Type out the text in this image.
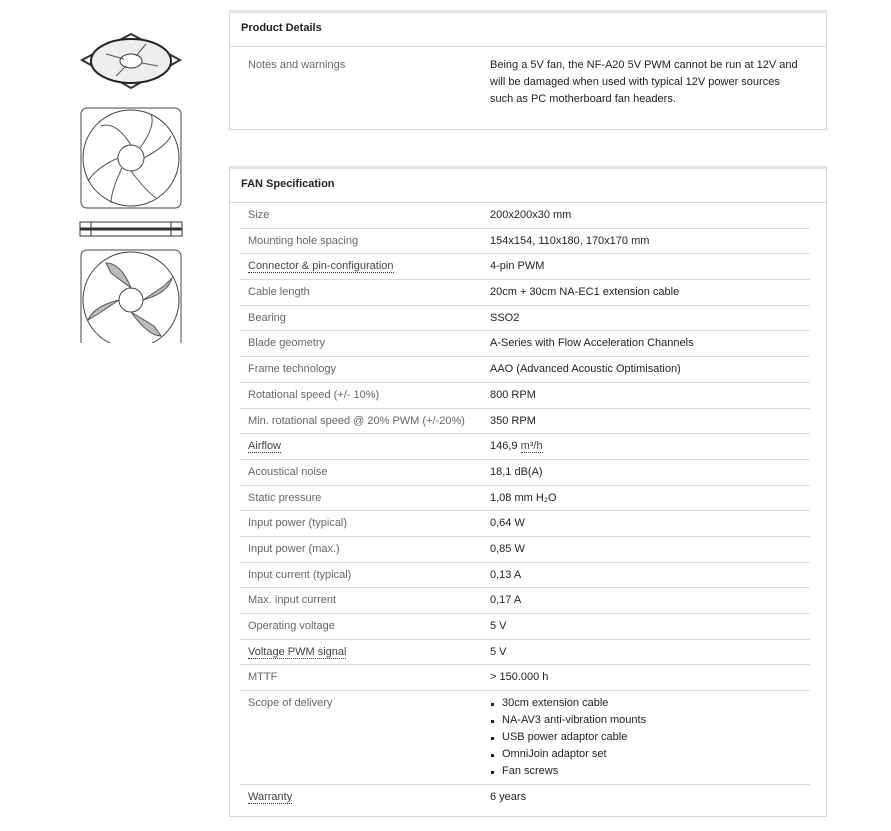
Product Details
Notes and warnings	Being a 5V fan, the NF-A20 5V PWM cannot be run at 12V and will be damaged when used with typical 12V power sources such as PC motherboard fan headers.
FAN Specification
Size	200x200x30 mm
Mounting hole spacing	154x154, 110x180, 170x170 mm
Connector & pin-configuration	4-pin PWM
Cable length	20cm + 30cm NA-EC1 extension cable
Bearing	SSO2
Blade geometry	A-Series with Flow Acceleration Channels
Frame technology	AAO (Advanced Acoustic Optimisation)
Rotational speed (+/- 10%)	800 RPM
Min. rotational speed @ 20% PWM (+/-20%)	350 RPM
Airflow	146,9 m³/h
Acoustical noise	18,1 dB(A)
Static pressure	1,08 mm H₂O
Input power (typical)	0,64 W
Input power (max.)	0,85 W
Input current (typical)	0,13 A
Max. input current	0,17 A
Operating voltage	5 V
Voltage PWM signal	5 V
MTTF	> 150.000 h
Scope of delivery	30cm extension cable
NA-AV3 anti-vibration mounts
USB power adaptor cable
OmniJoin adaptor set
Fan screws
Warranty	6 years
